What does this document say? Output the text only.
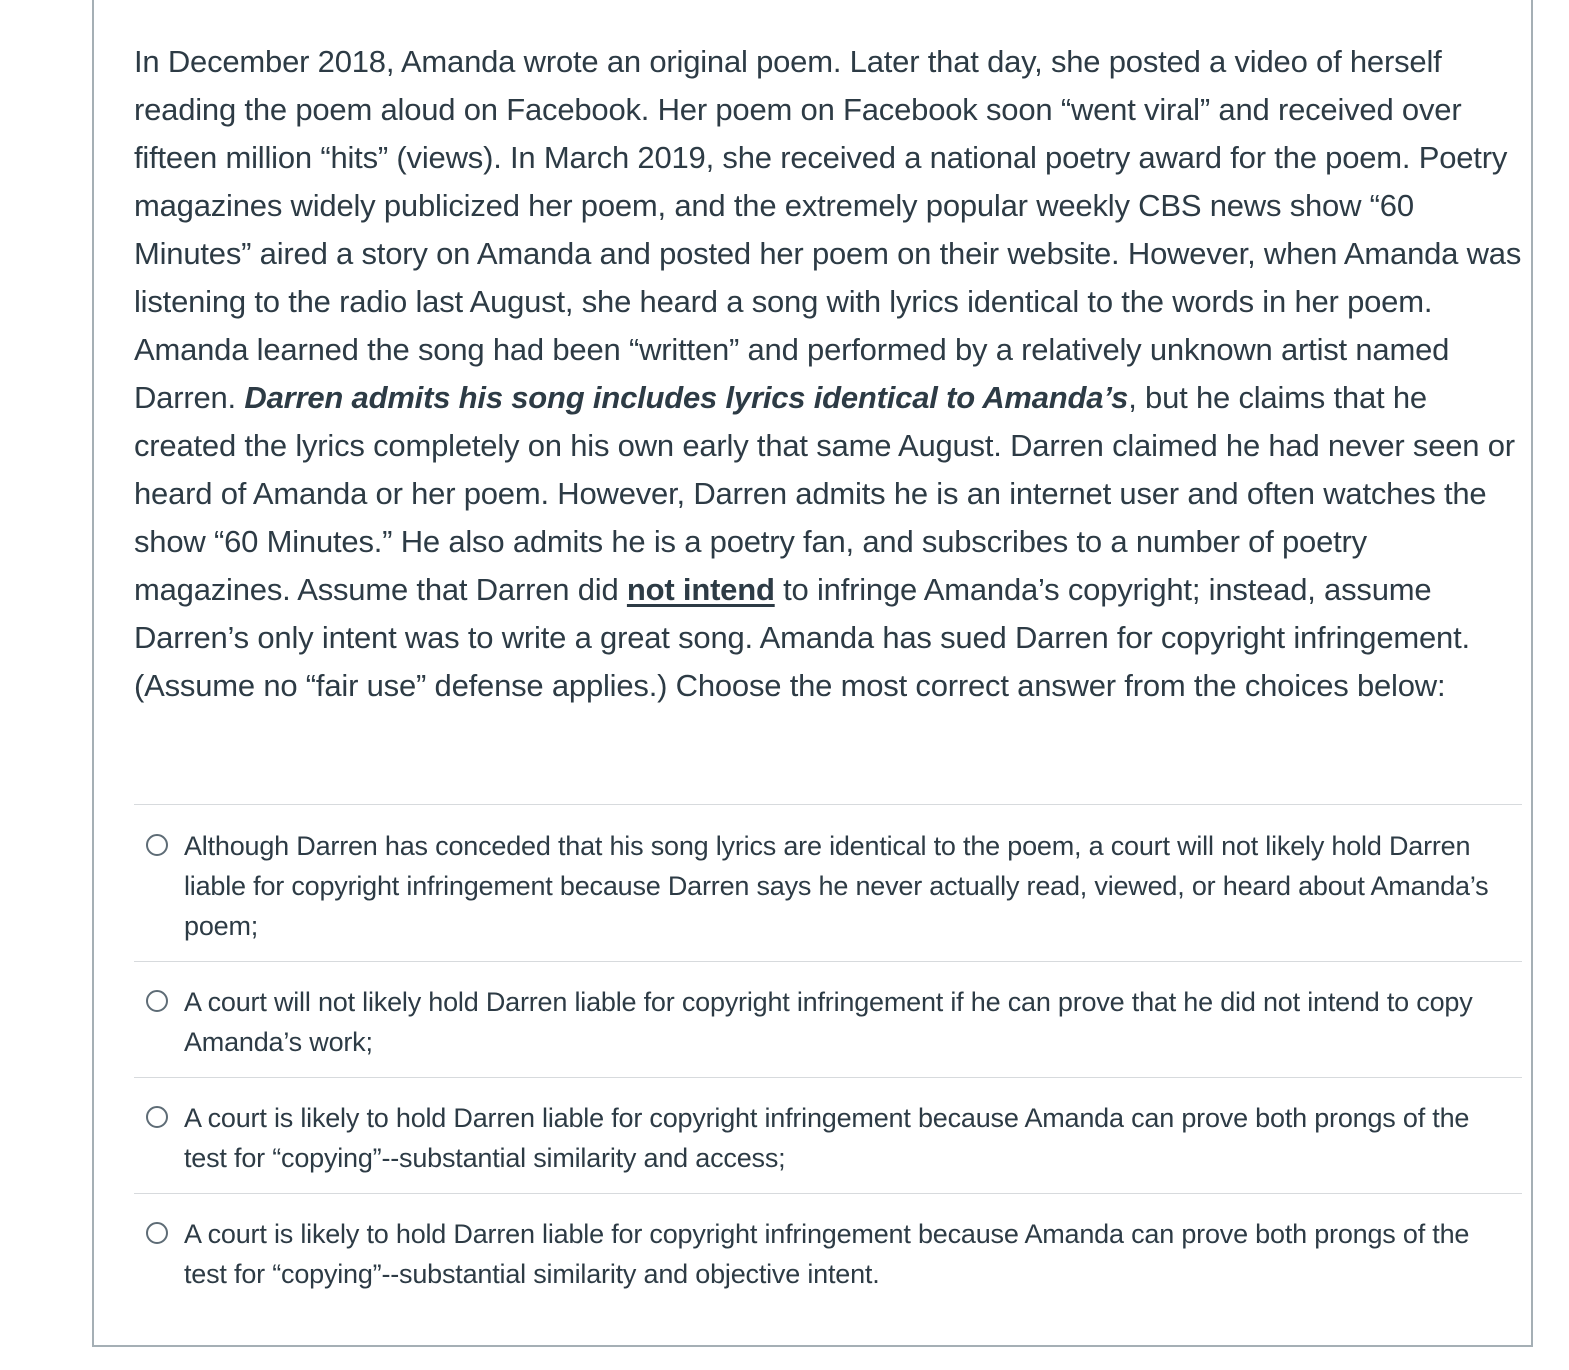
In December 2018, Amanda wrote an original poem. Later that day, she posted a video of herself reading the poem aloud on Facebook. Her poem on Facebook soon “went viral” and received over fifteen million “hits” (views). In March 2019, she received a national poetry award for the poem. Poetry magazines widely publicized her poem, and the extremely popular weekly CBS news show “60 Minutes” aired a story on Amanda and posted her poem on their website. However, when Amanda was listening to the radio last August, she heard a song with lyrics identical to the words in her poem. Amanda learned the song had been “written” and performed by a relatively unknown artist named Darren. Darren admits his song includes lyrics identical to Amanda’s, but he claims that he created the lyrics completely on his own early that same August. Darren claimed he had never seen or heard of Amanda or her poem. However, Darren admits he is an internet user and often watches the show “60 Minutes.” He also admits he is a poetry fan, and subscribes to a number of poetry magazines. Assume that Darren did not intend to infringe Amanda’s copyright; instead, assume Darren’s only intent was to write a great song. Amanda has sued Darren for copyright infringement. (Assume no “fair use” defense applies.) Choose the most correct answer from the choices below:

Although Darren has conceded that his song lyrics are identical to the poem, a court will not likely hold Darren liable for copyright infringement because Darren says he never actually read, viewed, or heard about Amanda’s poem;
A court will not likely hold Darren liable for copyright infringement if he can prove that he did not intend to copy Amanda’s work;
A court is likely to hold Darren liable for copyright infringement because Amanda can prove both prongs of the test for “copying”--substantial similarity and access;
A court is likely to hold Darren liable for copyright infringement because Amanda can prove both prongs of the test for “copying”--substantial similarity and objective intent.
